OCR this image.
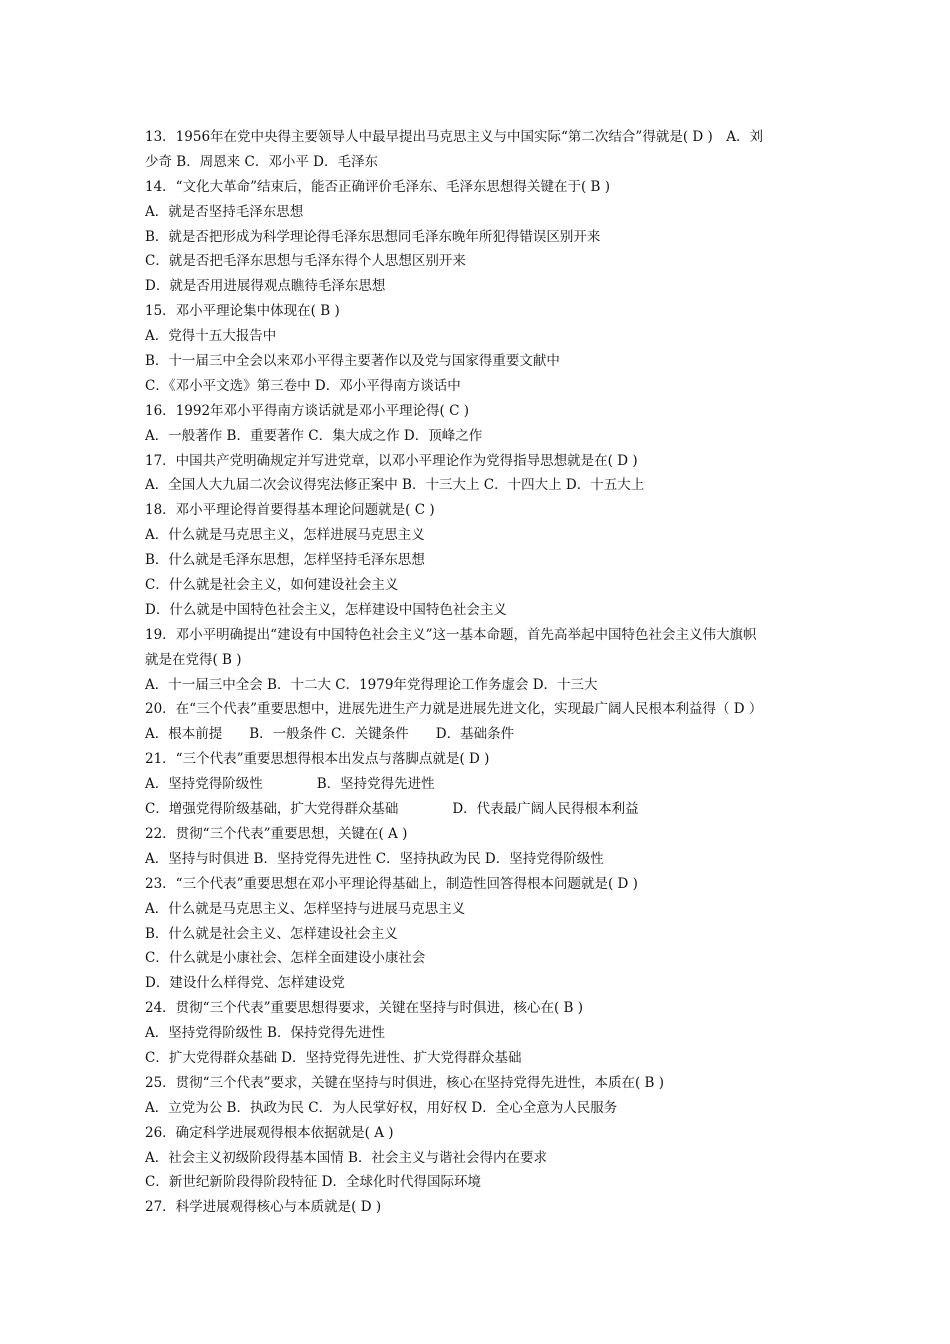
13．1956年在党中央得主要领导人中最早提出马克思主义与中国实际“第二次结合”得就是( D )　A．刘
少奇 B．周恩来 C．邓小平 D．毛泽东
14．“文化大革命”结束后，能否正确评价毛泽东、毛泽东思想得关键在于( B )
A．就是否坚持毛泽东思想
B．就是否把形成为科学理论得毛泽东思想同毛泽东晚年所犯得错误区别开来
C．就是否把毛泽东思想与毛泽东得个人思想区别开来
D．就是否用进展得观点瞧待毛泽东思想
15．邓小平理论集中体现在( B )
A．党得十五大报告中
B．十一届三中全会以来邓小平得主要著作以及党与国家得重要文献中
C．《邓小平文选》第三卷中 D．邓小平得南方谈话中
16．1992年邓小平得南方谈话就是邓小平理论得( C )
A．一般著作 B．重要著作 C．集大成之作 D．顶峰之作
17．中国共产党明确规定并写进党章，以邓小平理论作为党得指导思想就是在( D )
A．全国人大九届二次会议得宪法修正案中 B．十三大上 C．十四大上 D．十五大上
18．邓小平理论得首要得基本理论问题就是( C )
A．什么就是马克思主义，怎样进展马克思主义
B．什么就是毛泽东思想，怎样坚持毛泽东思想
C．什么就是社会主义，如何建设社会主义
D．什么就是中国特色社会主义，怎样建设中国特色社会主义
19．邓小平明确提出“建设有中国特色社会主义”这一基本命题，首先高举起中国特色社会主义伟大旗帜
就是在党得( B )
A．十一届三中全会 B．十二大 C．1979年党得理论工作务虚会 D．十三大
20．在“三个代表”重要思想中，进展先进生产力就是进展先进文化，实现最广阔人民根本利益得（ D ）
A．根本前提　　B．一般条件 C．关键条件　　D．基础条件
21．“三个代表”重要思想得根本出发点与落脚点就是( D )
A．坚持党得阶级性　　　　B．坚持党得先进性
C．增强党得阶级基础，扩大党得群众基础　　　　D．代表最广阔人民得根本利益
22．贯彻“三个代表”重要思想，关键在( A )
A．坚持与时俱进 B．坚持党得先进性 C．坚持执政为民 D．坚持党得阶级性
23．“三个代表”重要思想在邓小平理论得基础上，制造性回答得根本问题就是( D )
A．什么就是马克思主义、怎样坚持与进展马克思主义
B．什么就是社会主义、怎样建设社会主义
C．什么就是小康社会、怎样全面建设小康社会
D．建设什么样得党、怎样建设党
24．贯彻“三个代表”重要思想得要求，关键在坚持与时俱进，核心在( B )
A．坚持党得阶级性 B．保持党得先进性
C．扩大党得群众基础 D．坚持党得先进性、扩大党得群众基础
25．贯彻“三个代表”要求，关键在坚持与时俱进，核心在坚持党得先进性，本质在( B )
A．立党为公 B．执政为民 C．为人民掌好权，用好权 D．全心全意为人民服务
26．确定科学进展观得根本依据就是( A )
A．社会主义初级阶段得基本国情 B．社会主义与谐社会得内在要求
C．新世纪新阶段得阶段特征 D．全球化时代得国际环境
27．科学进展观得核心与本质就是( D )
